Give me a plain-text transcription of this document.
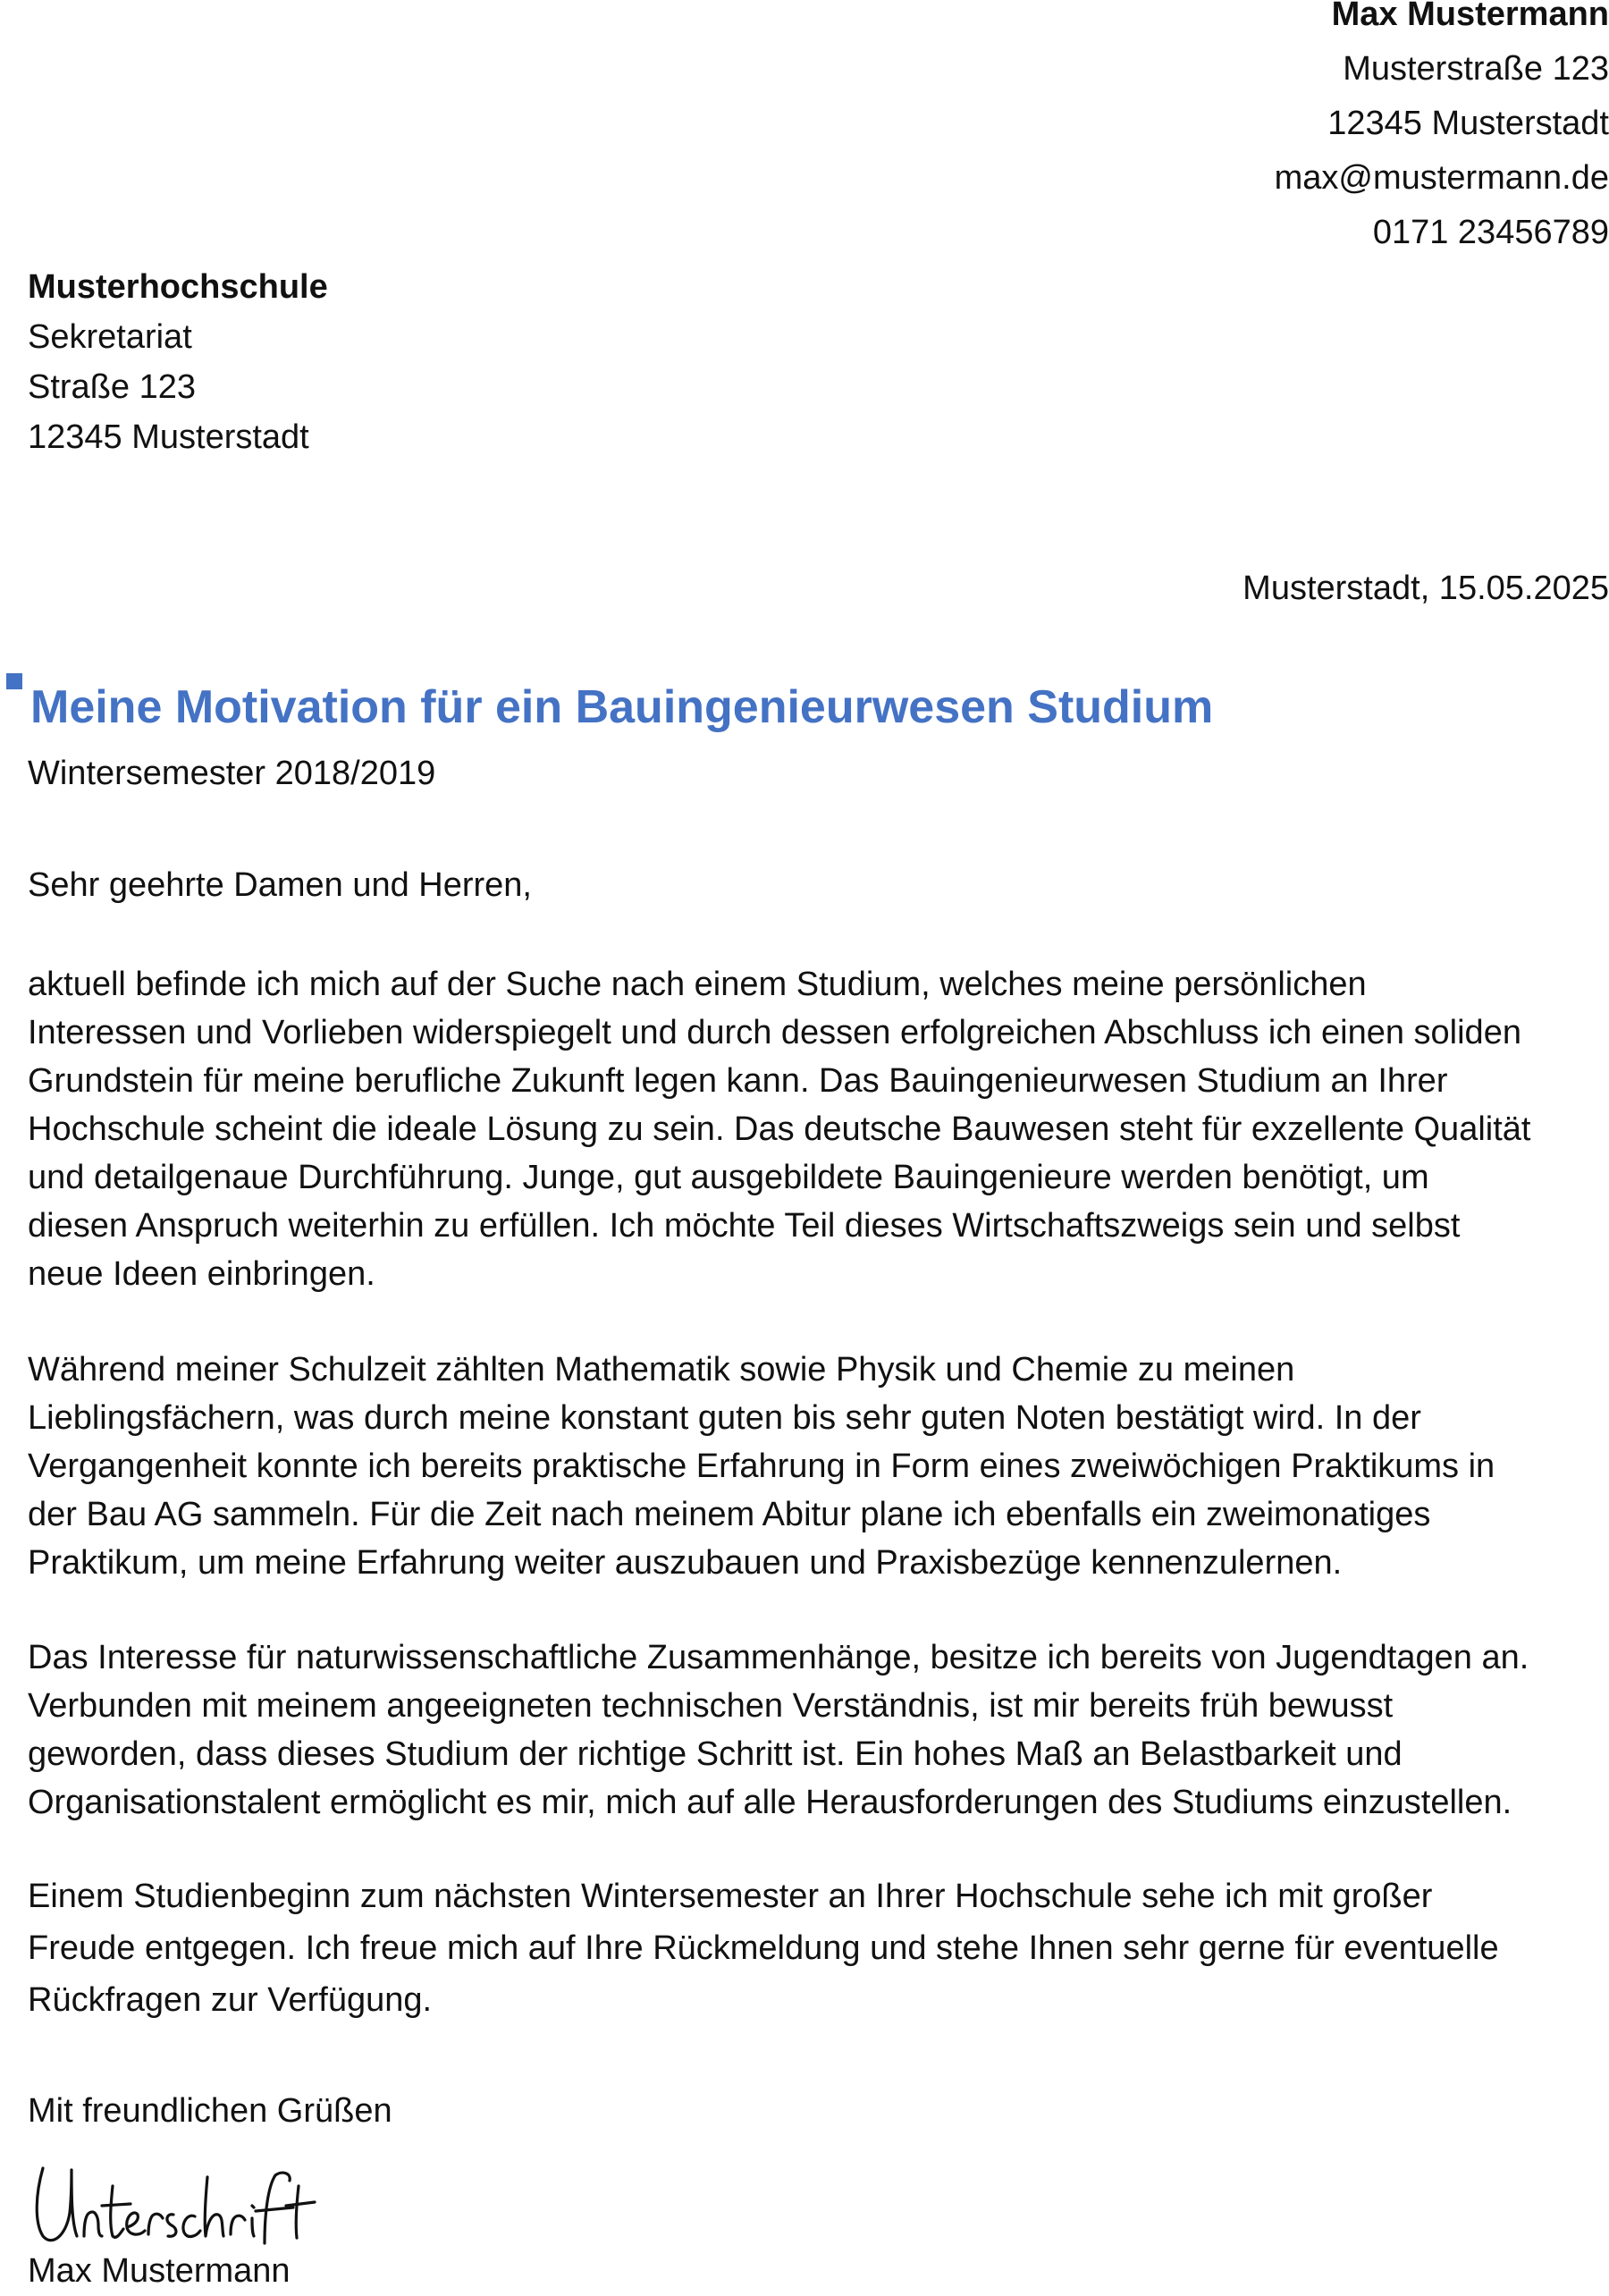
Max Mustermann
Musterstraße 123
12345 Musterstadt
max@mustermann.de
0171 23456789
Musterhochschule
Sekretariat
Straße 123
12345 Musterstadt
Musterstadt, 15.05.2025
Meine Motivation für ein Bauingenieurwesen Studium
Wintersemester 2018/2019
Sehr geehrte Damen und Herren,

aktuell befinde ich mich auf der Suche nach einem Studium, welches meine persönlichen
Interessen und Vorlieben widerspiegelt und durch dessen erfolgreichen Abschluss ich einen soliden
Grundstein für meine berufliche Zukunft legen kann. Das Bauingenieurwesen Studium an Ihrer
Hochschule scheint die ideale Lösung zu sein. Das deutsche Bauwesen steht für exzellente Qualität
und detailgenaue Durchführung. Junge, gut ausgebildete Bauingenieure werden benötigt, um
diesen Anspruch weiterhin zu erfüllen. Ich möchte Teil dieses Wirtschaftszweigs sein und selbst
neue Ideen einbringen.

Während meiner Schulzeit zählten Mathematik sowie Physik und Chemie zu meinen
Lieblingsfächern, was durch meine konstant guten bis sehr guten Noten bestätigt wird. In der
Vergangenheit konnte ich bereits praktische Erfahrung in Form eines zweiwöchigen Praktikums in
der Bau AG sammeln. Für die Zeit nach meinem Abitur plane ich ebenfalls ein zweimonatiges
Praktikum, um meine Erfahrung weiter auszubauen und Praxisbezüge kennenzulernen.

Das Interesse für naturwissenschaftliche Zusammenhänge, besitze ich bereits von Jugendtagen an.
Verbunden mit meinem angeeigneten technischen Verständnis, ist mir bereits früh bewusst
geworden, dass dieses Studium der richtige Schritt ist. Ein hohes Maß an Belastbarkeit und
Organisationstalent ermöglicht es mir, mich auf alle Herausforderungen des Studiums einzustellen.

Einem Studienbeginn zum nächsten Wintersemester an Ihrer Hochschule sehe ich mit großer
Freude entgegen. Ich freue mich auf Ihre Rückmeldung und stehe Ihnen sehr gerne für eventuelle
Rückfragen zur Verfügung.

Mit freundlichen Grüßen
Max Mustermann
